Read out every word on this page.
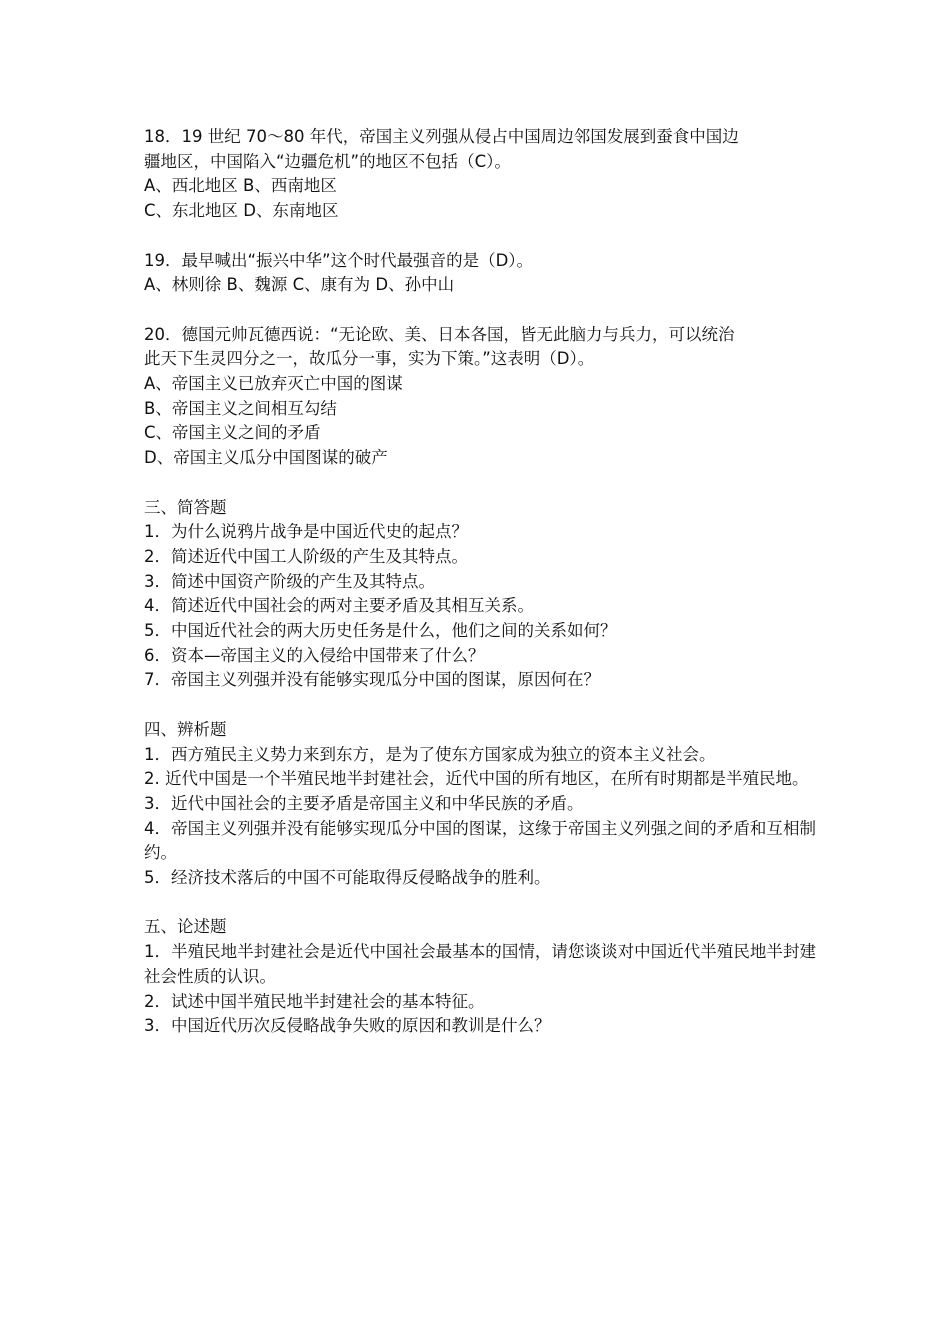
18．19 世纪 70～80 年代，帝国主义列强从侵占中国周边邻国发展到蚕食中国边

疆地区，中国陷入“边疆危机”的地区不包括（C）。

A、西北地区 B、西南地区

C、东北地区 D、东南地区

19．最早喊出“振兴中华”这个时代最强音的是（D）。

A、林则徐 B、魏源 C、康有为 D、孙中山

20．德国元帅瓦德西说：“无论欧、美、日本各国，皆无此脑力与兵力，可以统治

此天下生灵四分之一，故瓜分一事，实为下策。”这表明（D）。

A、帝国主义已放弃灭亡中国的图谋

B、帝国主义之间相互勾结

C、帝国主义之间的矛盾

D、帝国主义瓜分中国图谋的破产

三、简答题

1．为什么说鸦片战争是中国近代史的起点？

2．简述近代中国工人阶级的产生及其特点。

3．简述中国资产阶级的产生及其特点。

4．简述近代中国社会的两对主要矛盾及其相互关系。

5．中国近代社会的两大历史任务是什么，他们之间的关系如何？

6．资本—帝国主义的入侵给中国带来了什么？

7．帝国主义列强并没有能够实现瓜分中国的图谋，原因何在？

四、辨析题

1．西方殖民主义势力来到东方，是为了使东方国家成为独立的资本主义社会。

2. 近代中国是一个半殖民地半封建社会，近代中国的所有地区，在所有时期都是半殖民地。

3．近代中国社会的主要矛盾是帝国主义和中华民族的矛盾。

4．帝国主义列强并没有能够实现瓜分中国的图谋，这缘于帝国主义列强之间的矛盾和互相制约。

5．经济技术落后的中国不可能取得反侵略战争的胜利。

五、论述题

1．半殖民地半封建社会是近代中国社会最基本的国情，请您谈谈对中国近代半殖民地半封建社会性质的认识。

2．试述中国半殖民地半封建社会的基本特征。

3．中国近代历次反侵略战争失败的原因和教训是什么？
